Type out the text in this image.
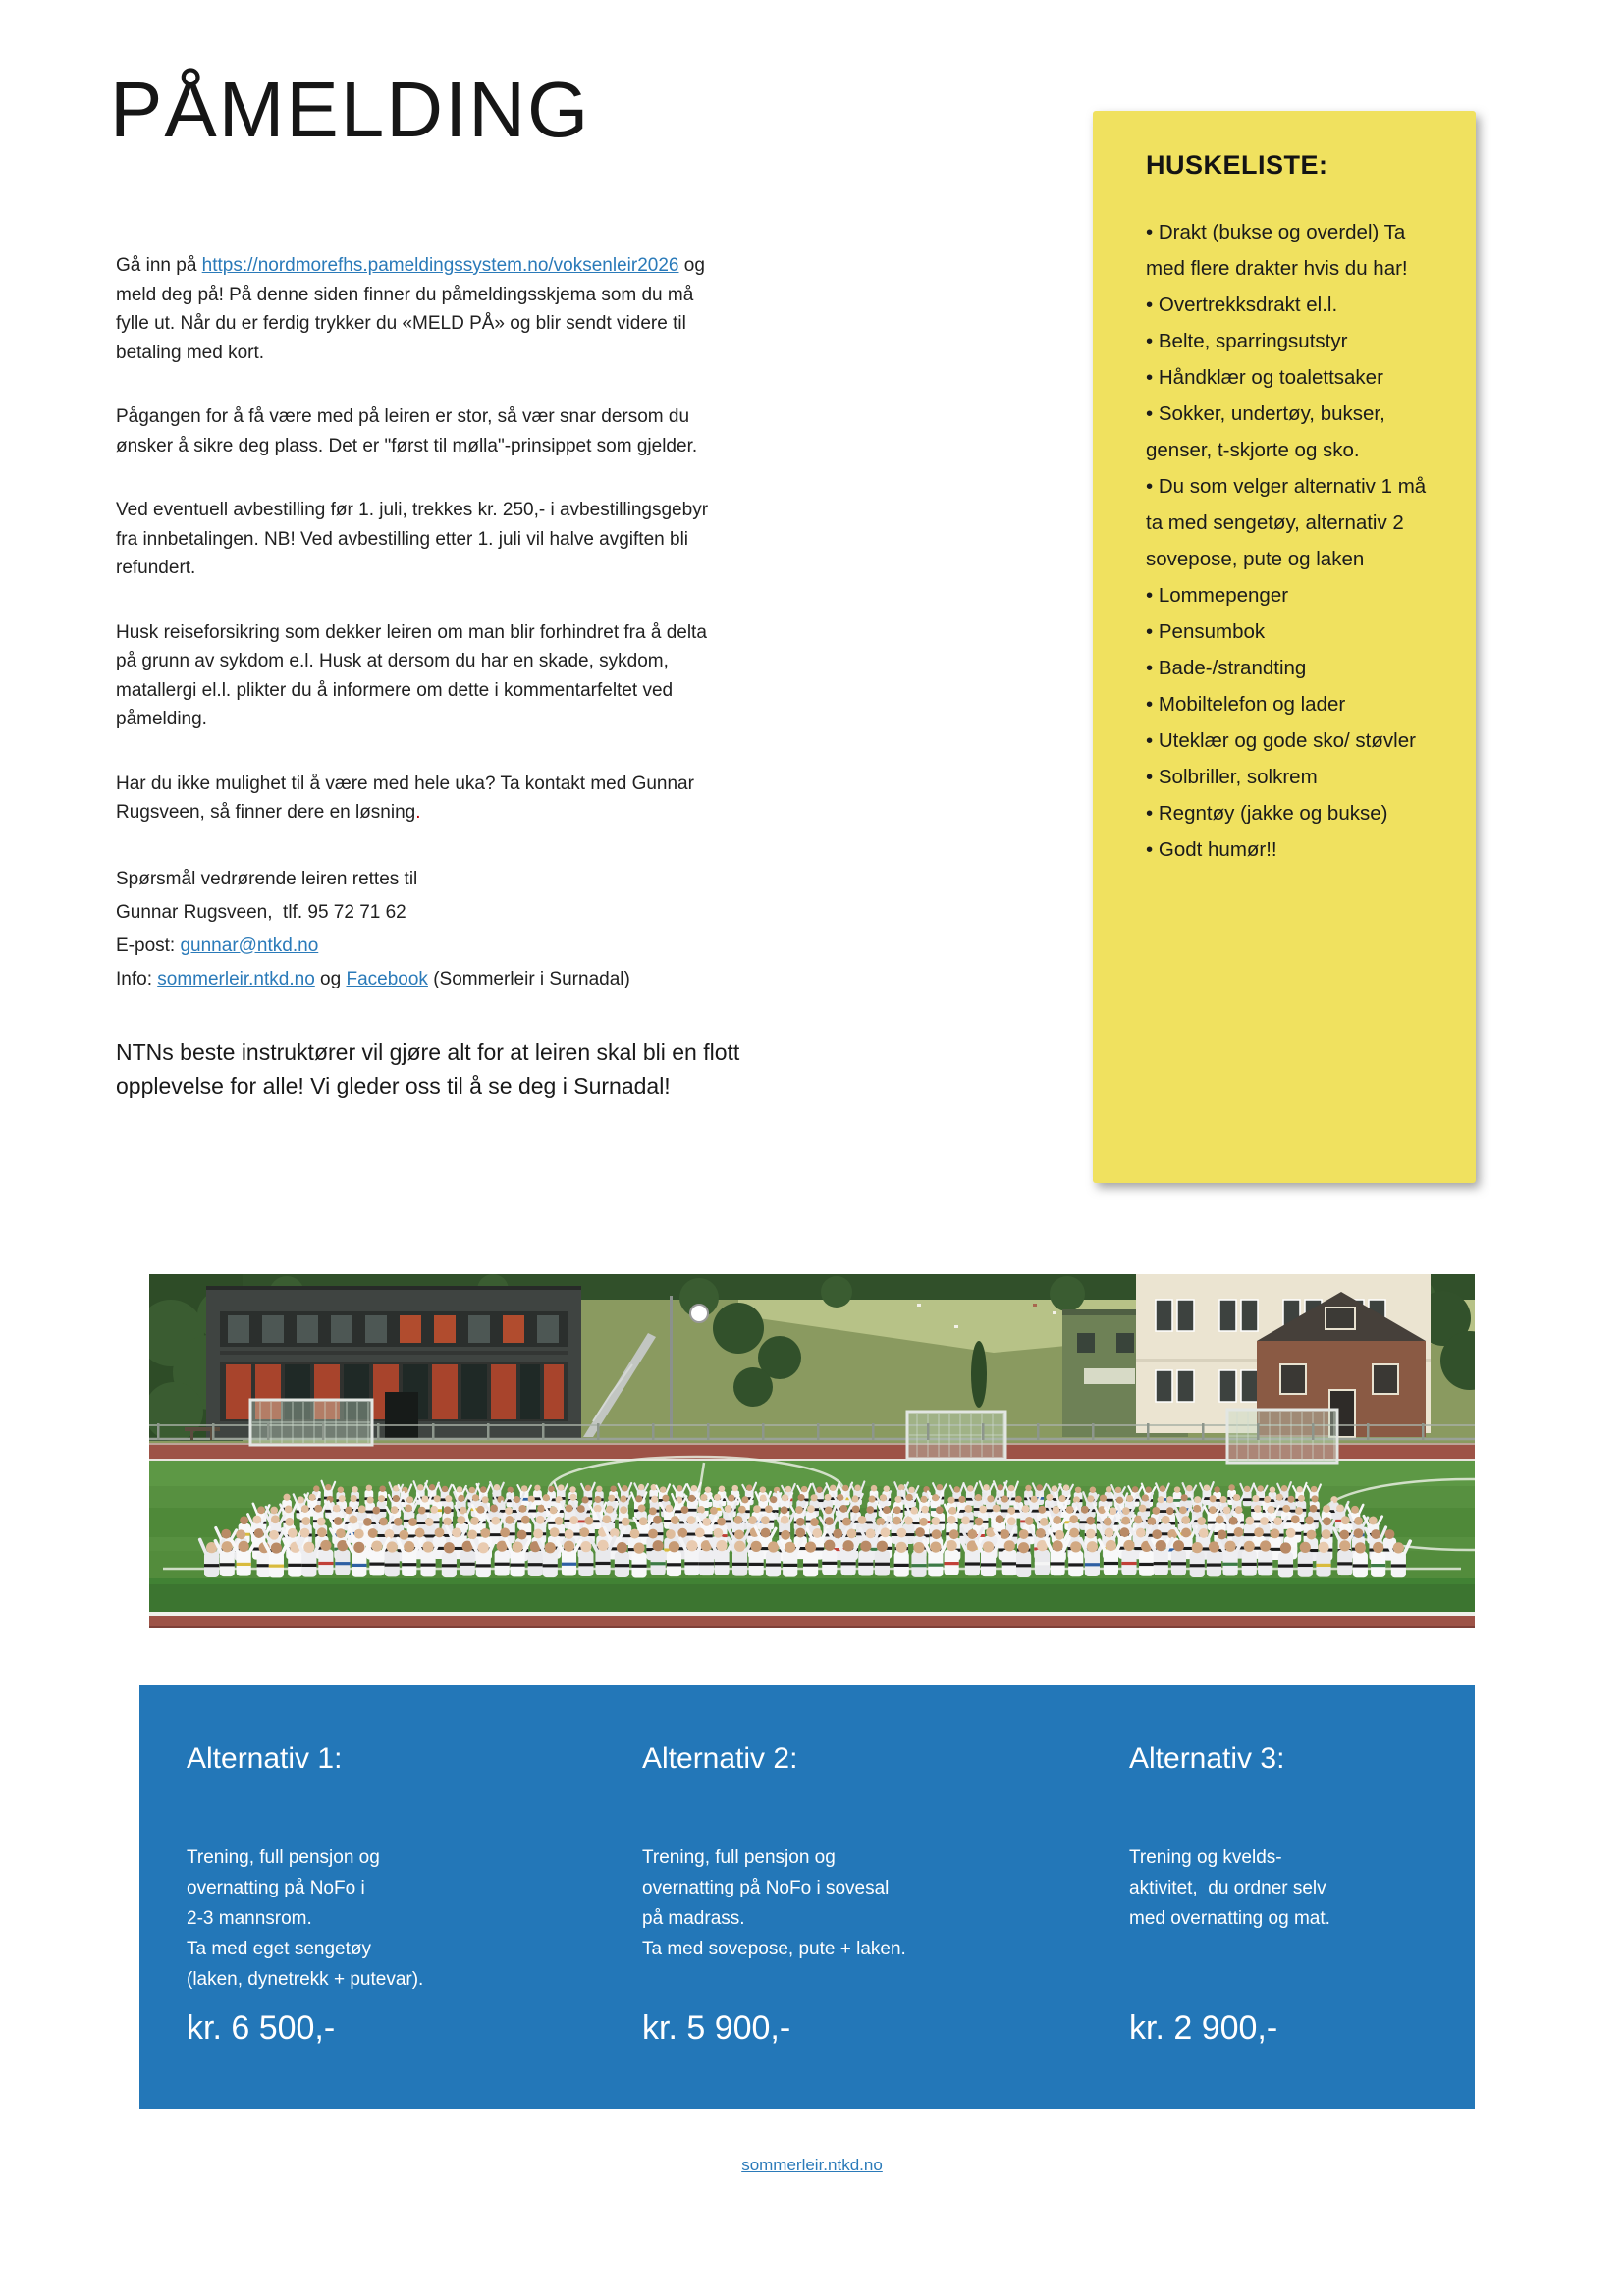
PÅMELDING

Gå inn på https://nordmorefhs.pameldingssystem.no/voksenleir2026 og meld deg på! På denne siden finner du påmeldingsskjema som du må fylle ut. Når du er ferdig trykker du «MELD PÅ» og blir sendt videre til betaling med kort.

Pågangen for å få være med på leiren er stor, så vær snar dersom du ønsker å sikre deg plass. Det er "først til mølla"-prinsippet som gjelder.

Ved eventuell avbestilling før 1. juli, trekkes kr. 250,- i avbestillingsgebyr fra innbetalingen. NB! Ved avbestilling etter 1. juli vil halve avgiften bli refundert.

Husk reiseforsikring som dekker leiren om man blir forhindret fra å delta på grunn av sykdom e.l. Husk at dersom du har en skade, sykdom, matallergi el.l. plikter du å informere om dette i kommentarfeltet ved påmelding.

Har du ikke mulighet til å være med hele uka? Ta kontakt med Gunnar Rugsveen, så finner dere en løsning.

Spørsmål vedrørende leiren rettes til
Gunnar Rugsveen,  tlf. 95 72 71 62
E-post: gunnar@ntkd.no
Info: sommerleir.ntkd.no og Facebook (Sommerleir i Surnadal)
NTNs beste instruktører vil gjøre alt for at leiren skal bli en flott opplevelse for alle! Vi gleder oss til å se deg i Surnadal!
HUSKELISTE:
• Drakt (bukse og overdel) Ta med flere drakter hvis du har!
• Overtrekksdrakt el.l.
• Belte, sparringsutstyr
• Håndklær og toalettsaker
• Sokker, undertøy, bukser, genser, t-skjorte og sko.
• Du som velger alternativ 1 må ta med sengetøy, alternativ 2 sovepose, pute og laken
• Lommepenger
• Pensumbok
• Bade-/strandting
• Mobiltelefon og lader
• Uteklær og gode sko/ støvler
• Solbriller, solkrem
• Regntøy (jakke og bukse)
• Godt humør!!
Alternativ 1:
Trening, full pensjon og
overnatting på NoFo i
2-3 mannsrom.
Ta med eget sengetøy
(laken, dynetrekk + putevar).
kr. 6 500,-
Alternativ 2:
Trening, full pensjon og
overnatting på NoFo i sovesal
på madrass.
Ta med sovepose, pute + laken.
kr. 5 900,-
Alternativ 3:
Trening og kvelds-
aktivitet,  du ordner selv
med overnatting og mat.
kr. 2 900,-
sommerleir.ntkd.no
